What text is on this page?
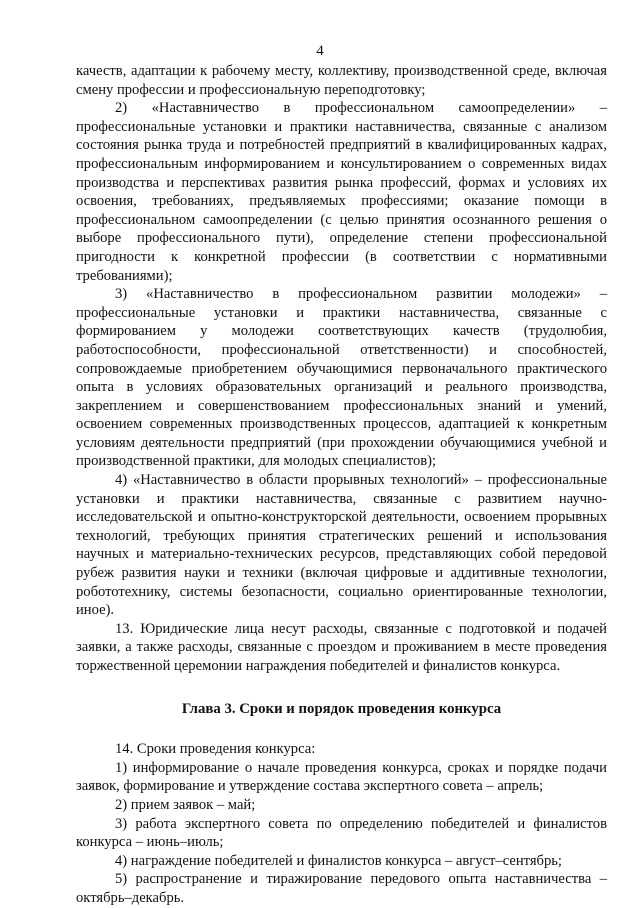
4

качеств, адаптации к рабочему месту, коллективу, производственной среде, включая смену профессии и профессиональную переподготовку;

2) «Наставничество в профессиональном самоопределении» – профессиональные установки и практики наставничества, связанные с анализом состояния рынка труда и потребностей предприятий в квалифицированных кадрах, профессиональным информированием и консультированием о современных видах производства и перспективах развития рынка профессий, формах и условиях их освоения, требованиях, предъявляемых профессиями; оказание помощи в профессиональном самоопределении (с целью принятия осознанного решения о выборе профессионального пути), определение степени профессиональной пригодности к конкретной профессии (в соответствии с нормативными требованиями);

3) «Наставничество в профессиональном развитии молодежи» – профессиональные установки и практики наставничества, связанные с формированием у молодежи соответствующих качеств (трудолюбия, работоспособности, профессиональной ответственности) и способностей, сопровождаемые приобретением обучающимися первоначального практического опыта в условиях образовательных организаций и реального производства, закреплением и совершенствованием профессиональных знаний и умений, освоением современных производственных процессов, адаптацией к конкретным условиям деятельности предприятий (при прохождении обучающимися учебной и производственной практики, для молодых специалистов);

4) «Наставничество в области прорывных технологий» – профессиональные установки и практики наставничества, связанные с развитием научно-исследовательской и опытно-конструкторской деятельности, освоением прорывных технологий, требующих принятия стратегических решений и использования научных и материально-технических ресурсов, представляющих собой передовой рубеж развития науки и техники (включая цифровые и аддитивные технологии, робототехнику, системы безопасности, социально ориентированные технологии, иное).

13. Юридические лица несут расходы, связанные с подготовкой и подачей заявки, а также расходы, связанные с проездом и проживанием в месте проведения торжественной церемонии награждения победителей и финалистов конкурса.

Глава 3. Сроки и порядок проведения конкурса

14. Сроки проведения конкурса:

1) информирование о начале проведения конкурса, сроках и порядке подачи заявок, формирование и утверждение состава экспертного совета – апрель;

2) прием заявок – май;

3) работа экспертного совета по определению победителей и финалистов конкурса – июнь–июль;

4) награждение победителей и финалистов конкурса – август–сентябрь;

5) распространение и тиражирование передового опыта наставничества – октябрь–декабрь.
